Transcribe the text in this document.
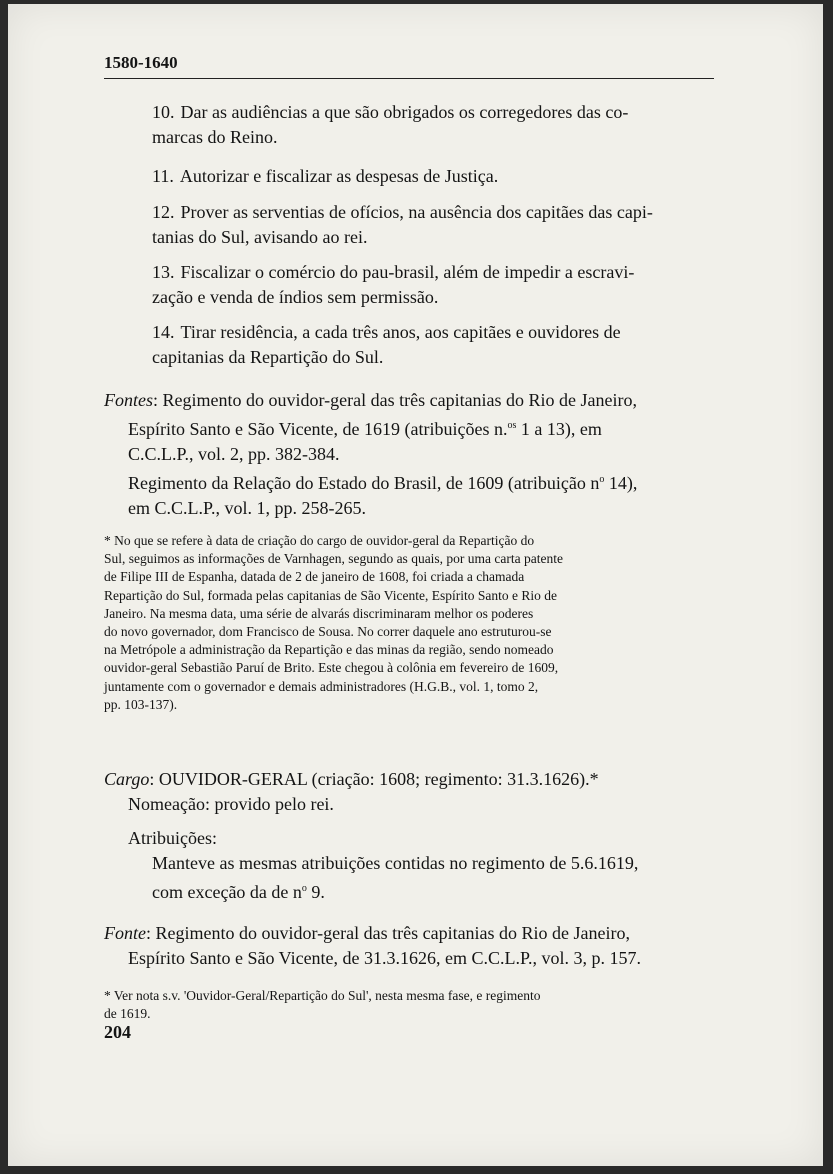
1580-1640
10. Dar as audiências a que são obrigados os corregedores das co-
marcas do Reino.
11. Autorizar e fiscalizar as despesas de Justiça.
12. Prover as serventias de ofícios, na ausência dos capitães das capi-
tanias do Sul, avisando ao rei.
13. Fiscalizar o comércio do pau-brasil, além de impedir a escravi-
zação e venda de índios sem permissão.
14. Tirar residência, a cada três anos, aos capitães e ouvidores de
capitanias da Repartição do Sul.
Fontes: Regimento do ouvidor-geral das três capitanias do Rio de Janeiro,
Espírito Santo e São Vicente, de 1619 (atribuições n.$^{os}$ 1 a 13), em
C.C.L.P., vol. 2, pp. 382-384.
Regimento da Relação do Estado do Brasil, de 1609 (atribuição $n^o$ 14),
em C.C.L.P., vol. 1, pp. 258-265.
* No que se refere à data de criação do cargo de ouvidor-geral da Repartição do
Sul, seguimos as informações de Varnhagen, segundo as quais, por uma carta patente
de Filipe III de Espanha, datada de 2 de janeiro de 1608, foi criada a chamada
Repartição do Sul, formada pelas capitanias de São Vicente, Espírito Santo e Rio de
Janeiro. Na mesma data, uma série de alvarás discriminaram melhor os poderes
do novo governador, dom Francisco de Sousa. No correr daquele ano estruturou-se
na Metrópole a administração da Repartição e das minas da região, sendo nomeado
ouvidor-geral Sebastião Paruí de Brito. Este chegou à colônia em fevereiro de 1609,
juntamente com o governador e demais administradores (H.G.B., vol. 1, tomo 2,
pp. 103-137).
Cargo: OUVIDOR-GERAL (criação: 1608; regimento: 31.3.1626).*
Nomeação: provido pelo rei.
Atribuições:
Manteve as mesmas atribuições contidas no regimento de 5.6.1619,
com exceção da de $n^o$ 9.
Fonte: Regimento do ouvidor-geral das três capitanias do Rio de Janeiro,
Espírito Santo e São Vicente, de 31.3.1626, em C.C.L.P., vol. 3, p. 157.
* Ver nota s.v. 'Ouvidor-Geral/Repartição do Sul', nesta mesma fase, e regimento
de 1619.
204
